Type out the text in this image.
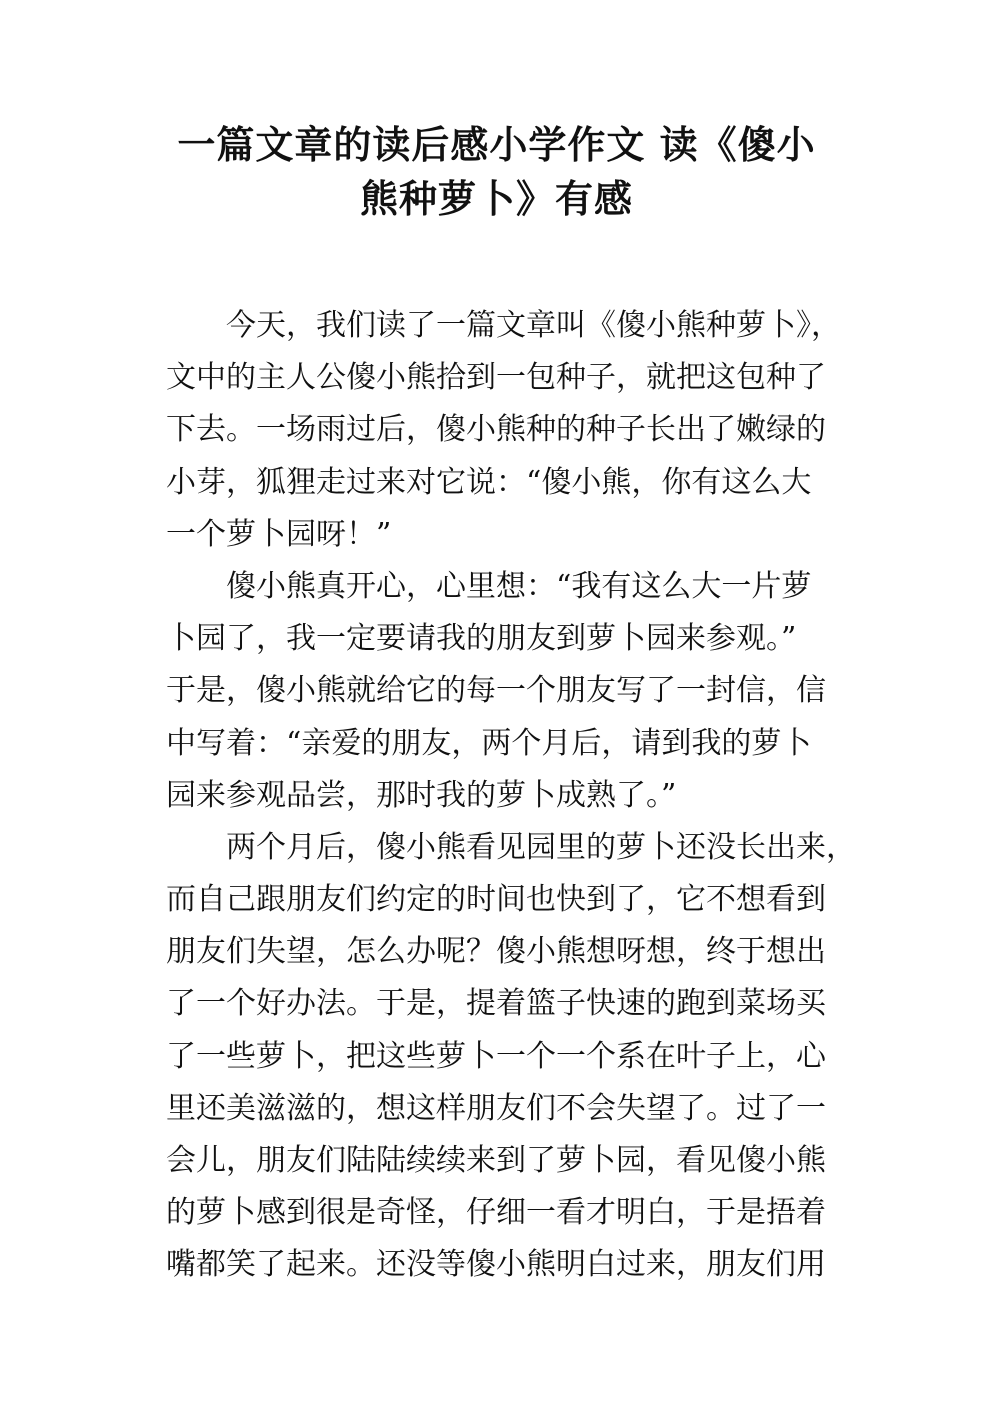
一篇文章的读后感小学作文 读《傻小
熊种萝卜》有感

今天，我们读了一篇文章叫《傻小熊种萝卜》，

文中的主人公傻小熊拾到一包种子，就把这包种了

下去。一场雨过后，傻小熊种的种子长出了嫩绿的

小芽，狐狸走过来对它说：“傻小熊，你有这么大

一个萝卜园呀！”

傻小熊真开心，心里想：“我有这么大一片萝

卜园了，我一定要请我的朋友到萝卜园来参观。”

于是，傻小熊就给它的每一个朋友写了一封信，信

中写着：“亲爱的朋友，两个月后，请到我的萝卜

园来参观品尝，那时我的萝卜成熟了。”

两个月后，傻小熊看见园里的萝卜还没长出来，

而自己跟朋友们约定的时间也快到了，它不想看到

朋友们失望，怎么办呢？傻小熊想呀想，终于想出

了一个好办法。于是，提着篮子快速的跑到菜场买

了一些萝卜，把这些萝卜一个一个系在叶子上，心

里还美滋滋的，想这样朋友们不会失望了。过了一

会儿，朋友们陆陆续续来到了萝卜园，看见傻小熊

的萝卜感到很是奇怪，仔细一看才明白，于是捂着

嘴都笑了起来。还没等傻小熊明白过来，朋友们用
